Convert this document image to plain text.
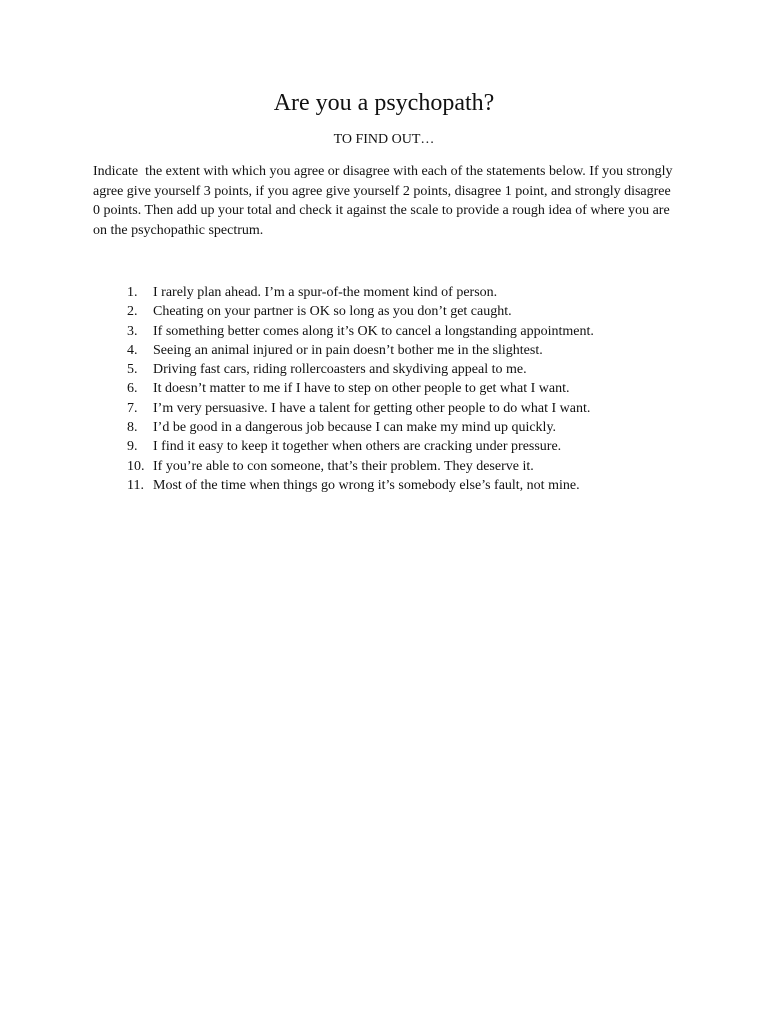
Are you a psychopath?
TO FIND OUT…

Indicate  the extent with which you agree or disagree with each of the statements below. If you strongly agree give yourself 3 points, if you agree give yourself 2 points, disagree 1 point, and strongly disagree 0 points. Then add up your total and check it against the scale to provide a rough idea of where you are on the psychopathic spectrum.

1.	I rarely plan ahead. I’m a spur-of-the moment kind of person.
2.	Cheating on your partner is OK so long as you don’t get caught.
3.	If something better comes along it’s OK to cancel a longstanding appointment.
4.	Seeing an animal injured or in pain doesn’t bother me in the slightest.
5.	Driving fast cars, riding rollercoasters and skydiving appeal to me.
6.	It doesn’t matter to me if I have to step on other people to get what I want.
7.	I’m very persuasive. I have a talent for getting other people to do what I want.
8.	I’d be good in a dangerous job because I can make my mind up quickly.
9.	I find it easy to keep it together when others are cracking under pressure.
10. If you’re able to con someone, that’s their problem. They deserve it.
11. Most of the time when things go wrong it’s somebody else’s fault, not mine.
